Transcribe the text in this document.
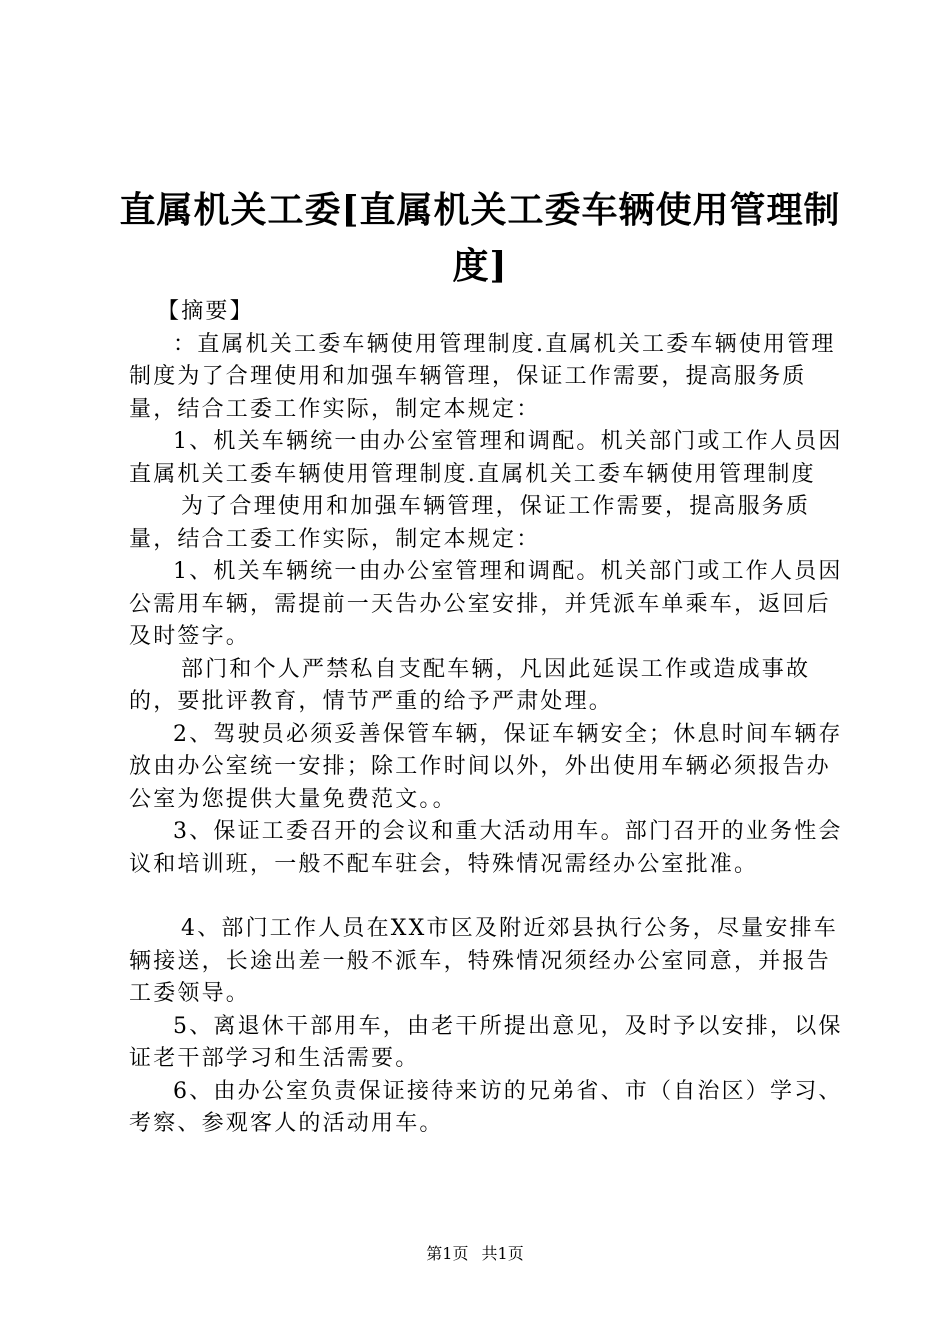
直属机关工委[直属机关工委车辆使用管理制度]

【摘要】

：直属机关工委车辆使用管理制度.直属机关工委车辆使用管理制度为了合理使用和加强车辆管理，保证工作需要，提高服务质量，结合工委工作实际，制定本规定：

1、机关车辆统一由办公室管理和调配。机关部门或工作人员因直属机关工委车辆使用管理制度.直属机关工委车辆使用管理制度

为了合理使用和加强车辆管理，保证工作需要，提高服务质量，结合工委工作实际，制定本规定：

1、机关车辆统一由办公室管理和调配。机关部门或工作人员因公需用车辆，需提前一天告办公室安排，并凭派车单乘车，返回后及时签字。

部门和个人严禁私自支配车辆，凡因此延误工作或造成事故的，要批评教育，情节严重的给予严肃处理。

2、驾驶员必须妥善保管车辆，保证车辆安全；休息时间车辆存放由办公室统一安排；除工作时间以外，外出使用车辆必须报告办公室为您提供大量免费范文。。

3、保证工委召开的会议和重大活动用车。部门召开的业务性会议和培训班，一般不配车驻会，特殊情况需经办公室批准。

4、部门工作人员在XX市区及附近郊县执行公务，尽量安排车辆接送，长途出差一般不派车，特殊情况须经办公室同意，并报告工委领导。

5、离退休干部用车，由老干所提出意见，及时予以安排，以保证老干部学习和生活需要。

6、由办公室负责保证接待来访的兄弟省、市（自治区）学习、考察、参观客人的活动用车。

第1页 共1页
